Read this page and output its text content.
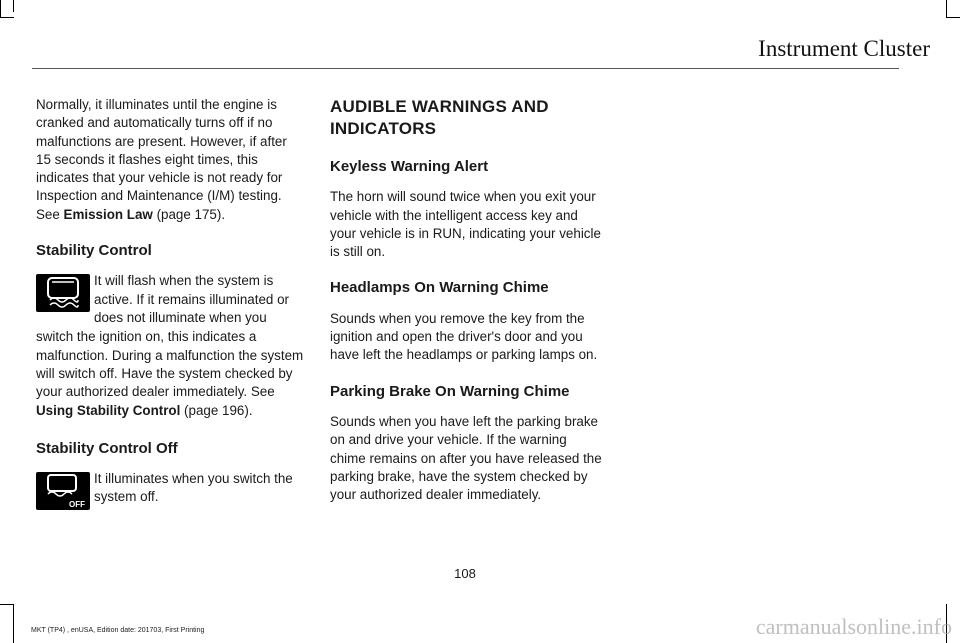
Instrument Cluster

Normally, it illuminates until the engine is cranked and automatically turns off if no malfunctions are present. However, if after 15 seconds it flashes eight times, this indicates that your vehicle is not ready for Inspection and Maintenance (I/M) testing. See Emission Law (page 175).

Stability Control

It will flash when the system is active. If it remains illuminated or does not illuminate when you

switch the ignition on, this indicates a malfunction. During a malfunction the system will switch off. Have the system checked by your authorized dealer immediately. See
Using Stability Control (page 196).

Stability Control Off

OFF

It illuminates when you switch the system off.

AUDIBLE WARNINGS AND INDICATORS

Keyless Warning Alert

The horn will sound twice when you exit your vehicle with the intelligent access key and your vehicle is in RUN, indicating your vehicle is still on.

Headlamps On Warning Chime

Sounds when you remove the key from the ignition and open the driver's door and you have left the headlamps or parking lamps on.

Parking Brake On Warning Chime

Sounds when you have left the parking brake on and drive your vehicle. If the warning chime remains on after you have released the parking brake, have the system checked by your authorized dealer immediately.

108
MKT (TP4) , enUSA, Edition date: 201703, First Printing	carmanualsonline.info
